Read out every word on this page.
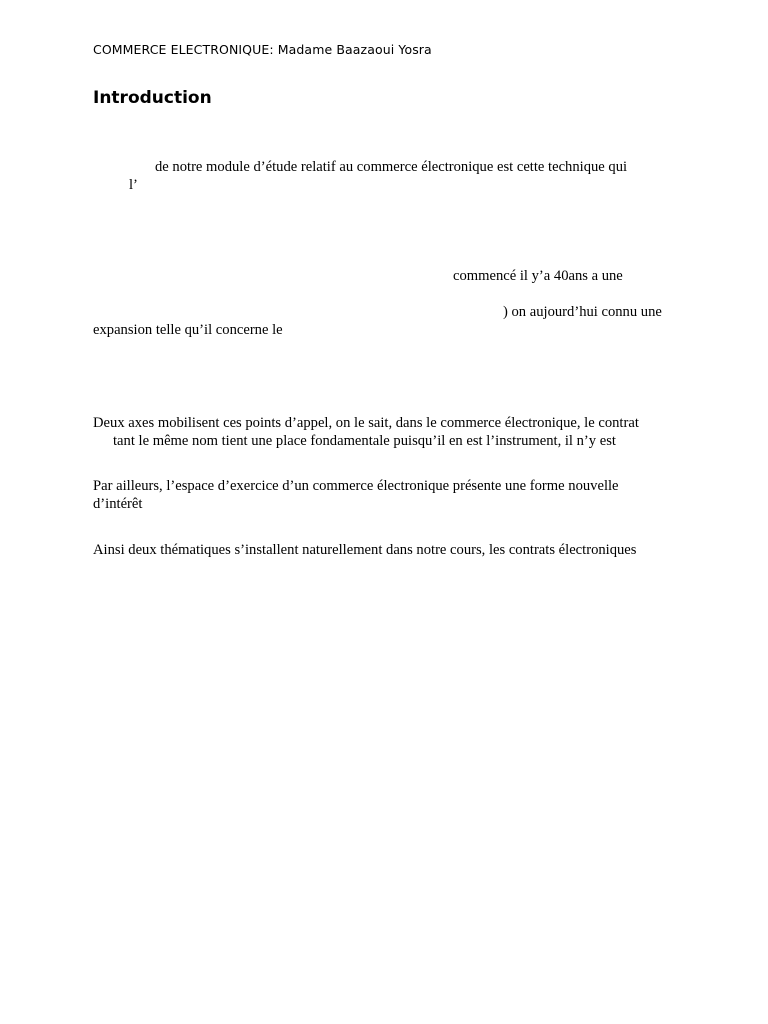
COMMERCE ELECTRONIQUE: Madame Baazaoui Yosra
Introduction
de notre module d’étude relatif au commerce électronique est cette technique qui
l’
commencé il y’a 40ans a une
) on aujourd’hui connu une
expansion telle qu’il concerne le
Deux axes mobilisent ces points d’appel, on le sait, dans le commerce électronique, le contrat
tant le même nom tient une place fondamentale puisqu’il en est l’instrument, il n’y est
Par ailleurs, l’espace d’exercice d’un commerce électronique présente une forme nouvelle
d’intérêt
Ainsi deux thématiques s’installent naturellement dans notre cours, les contrats électroniques
